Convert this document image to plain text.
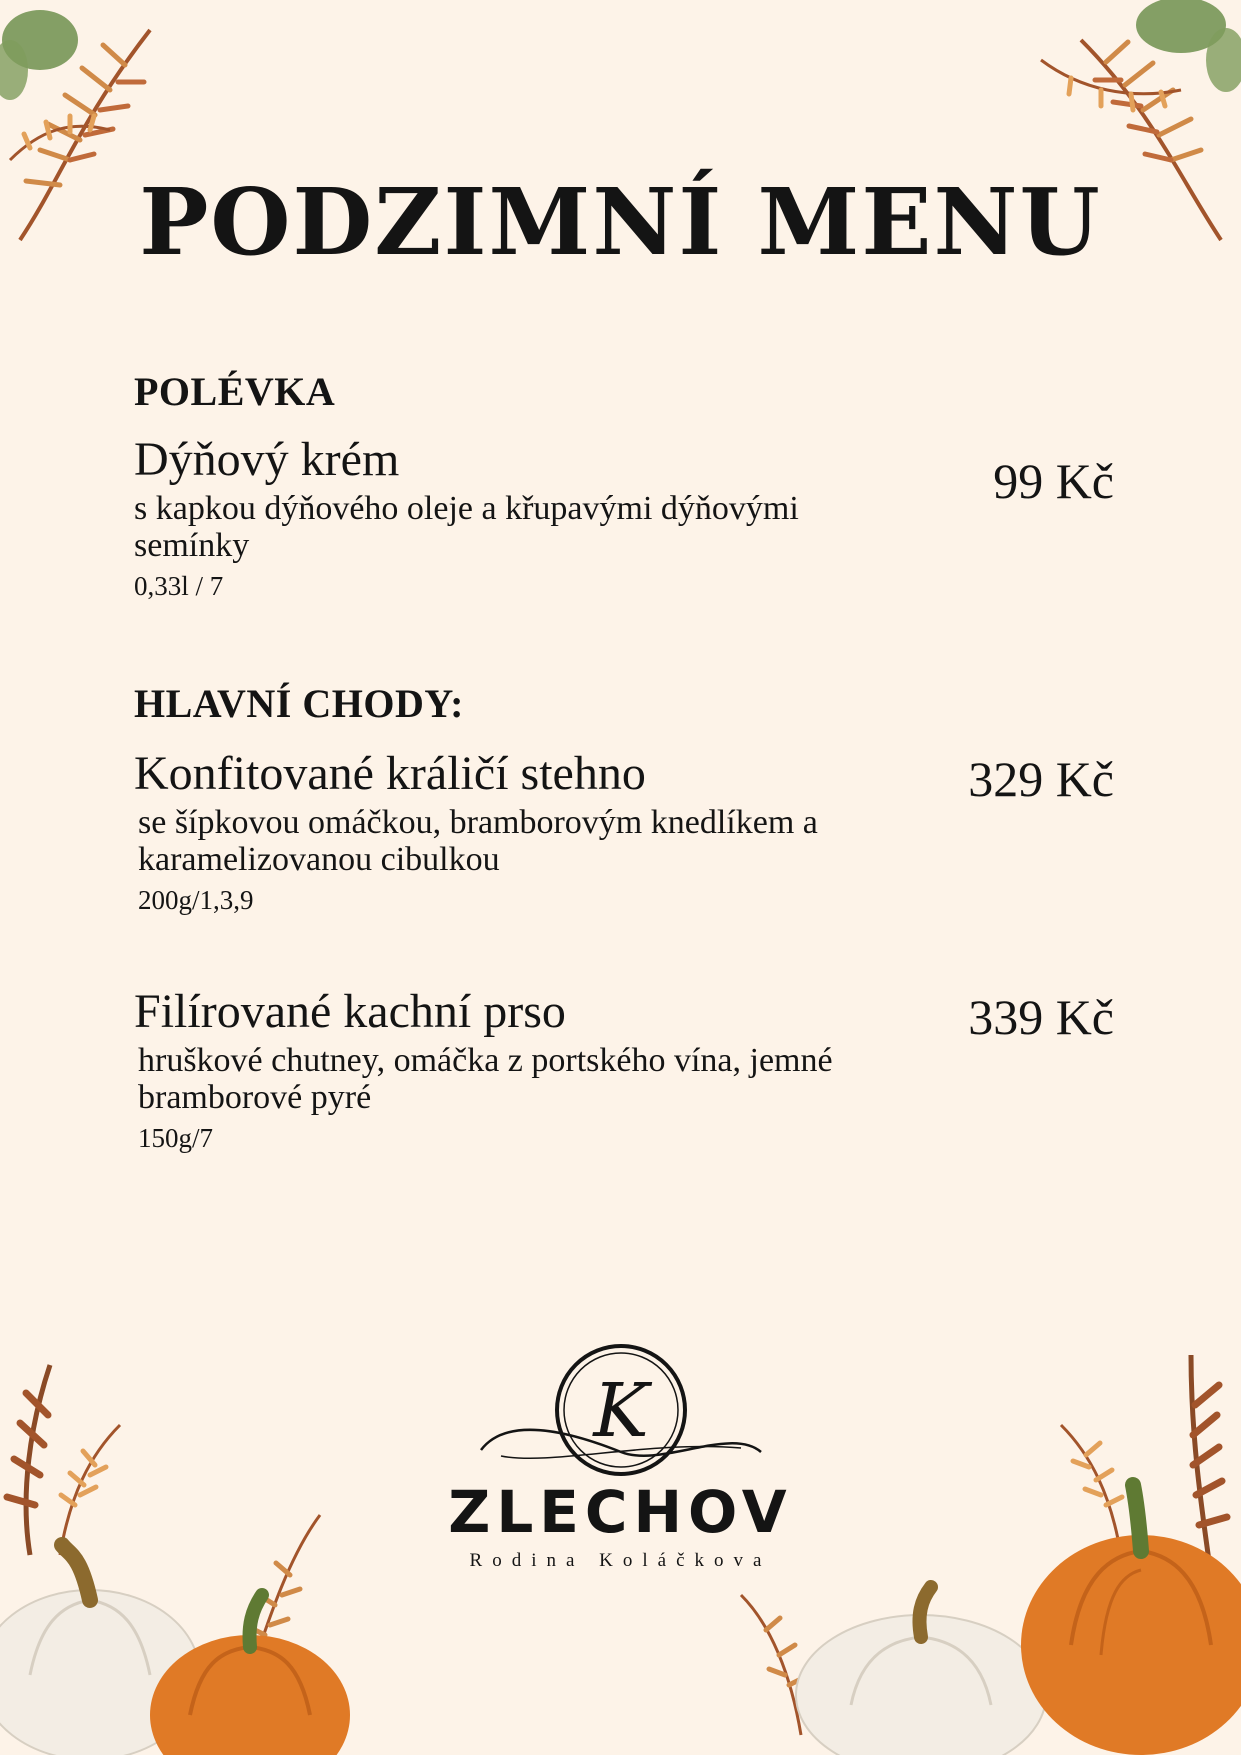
PODZIMNÍ MENU
POLÉVKA
Dýňový krém
s kapkou dýňového oleje a křupavými dýňovými semínky
0,33l / 7
99 Kč
HLAVNÍ CHODY:
Konfitované králičí stehno
se šípkovou omáčkou, bramborovým knedlíkem a karamelizovanou cibulkou
200g/1,3,9
329 Kč
Filírované kachní prso
hruškové chutney, omáčka z portského vína, jemné bramborové pyré
150g/7
339 Kč
K
ZLECHOV
Rodina Koláčkova
